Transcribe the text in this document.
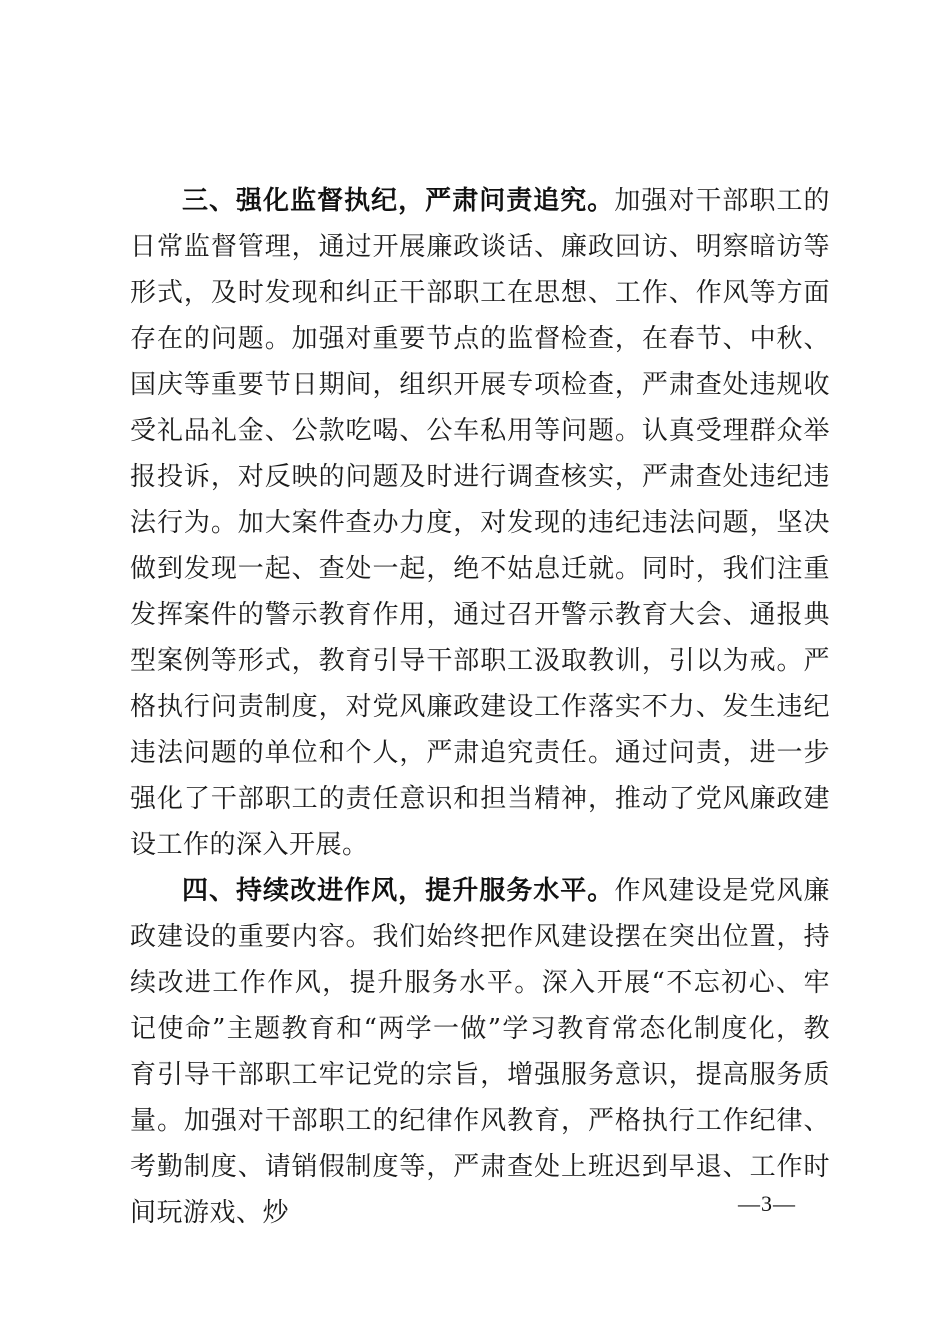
三、强化监督执纪，严肃问责追究。加强对干部职工的日常监督管理，通过开展廉政谈话、廉政回访、明察暗访等形式，及时发现和纠正干部职工在思想、工作、作风等方面存在的问题。加强对重要节点的监督检查，在春节、中秋、国庆等重要节日期间，组织开展专项检查，严肃查处违规收受礼品礼金、公款吃喝、公车私用等问题。认真受理群众举报投诉，对反映的问题及时进行调查核实，严肃查处违纪违法行为。加大案件查办力度，对发现的违纪违法问题，坚决做到发现一起、查处一起，绝不姑息迁就。同时，我们注重发挥案件的警示教育作用，通过召开警示教育大会、通报典型案例等形式，教育引导干部职工汲取教训，引以为戒。严格执行问责制度，对党风廉政建设工作落实不力、发生违纪违法问题的单位和个人，严肃追究责任。通过问责，进一步强化了干部职工的责任意识和担当精神，推动了党风廉政建设工作的深入开展。

四、持续改进作风，提升服务水平。作风建设是党风廉政建设的重要内容。我们始终把作风建设摆在突出位置，持续改进工作作风，提升服务水平。深入开展“不忘初心、牢记使命”主题教育和“两学一做”学习教育常态化制度化，教育引导干部职工牢记党的宗旨，增强服务意识，提高服务质量。加强对干部职工的纪律作风教育，严格执行工作纪律、考勤制度、请销假制度等，严肃查处上班迟到早退、工作时间玩游戏、炒	—3—
